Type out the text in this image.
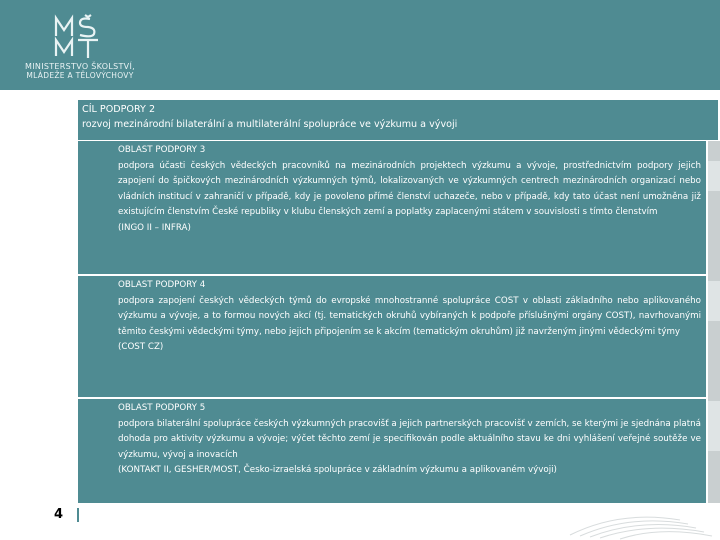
MINISTERSTVO ŠKOLSTVÍ,
MLÁDEŽE A TĚLOVÝCHOVY
CÍL PODPORY 2
rozvoj mezinárodní bilaterální a multilaterální spolupráce ve výzkumu a vývoji
OBLAST PODPORY 3
podpora účasti českých vědeckých pracovníků na mezinárodních projektech výzkumu a vývoje, prostřednictvím podpory jejich zapojení do špičkových mezinárodních výzkumných týmů, lokalizovaných ve výzkumných centrech mezinárodních organizací nebo vládních institucí v zahraničí v případě, kdy je povoleno přímé členství uchazeče, nebo v případě, kdy tato účast není umožněna již existujícím členstvím České republiky v klubu členských zemí a poplatky zaplacenými státem v souvislosti s tímto členstvím
(INGO II – INFRA)
OBLAST PODPORY 4
podpora zapojení českých vědeckých týmů do evropské mnohostranné spolupráce COST v oblasti základního nebo aplikovaného výzkumu a vývoje, a to formou nových akcí (tj. tematických okruhů vybíraných k podpoře příslušnými orgány COST), navrhovanými těmito českými vědeckými týmy, nebo jejich připojením se k akcím (tematickým okruhům) již navrženým jinými vědeckými týmy
(COST CZ)
OBLAST PODPORY 5
podpora bilaterální spolupráce českých výzkumných pracovišť a jejich partnerských pracovišť v zemích, se kterými je sjednána platná dohoda pro aktivity výzkumu a vývoje; výčet těchto zemí je specifikován podle aktuálního stavu ke dni vyhlášení veřejné soutěže ve výzkumu, vývoj a inovacích
(KONTAKT II, GESHER/MOST, Česko-izraelská spolupráce v základním výzkumu a aplikovaném vývoji)
4
